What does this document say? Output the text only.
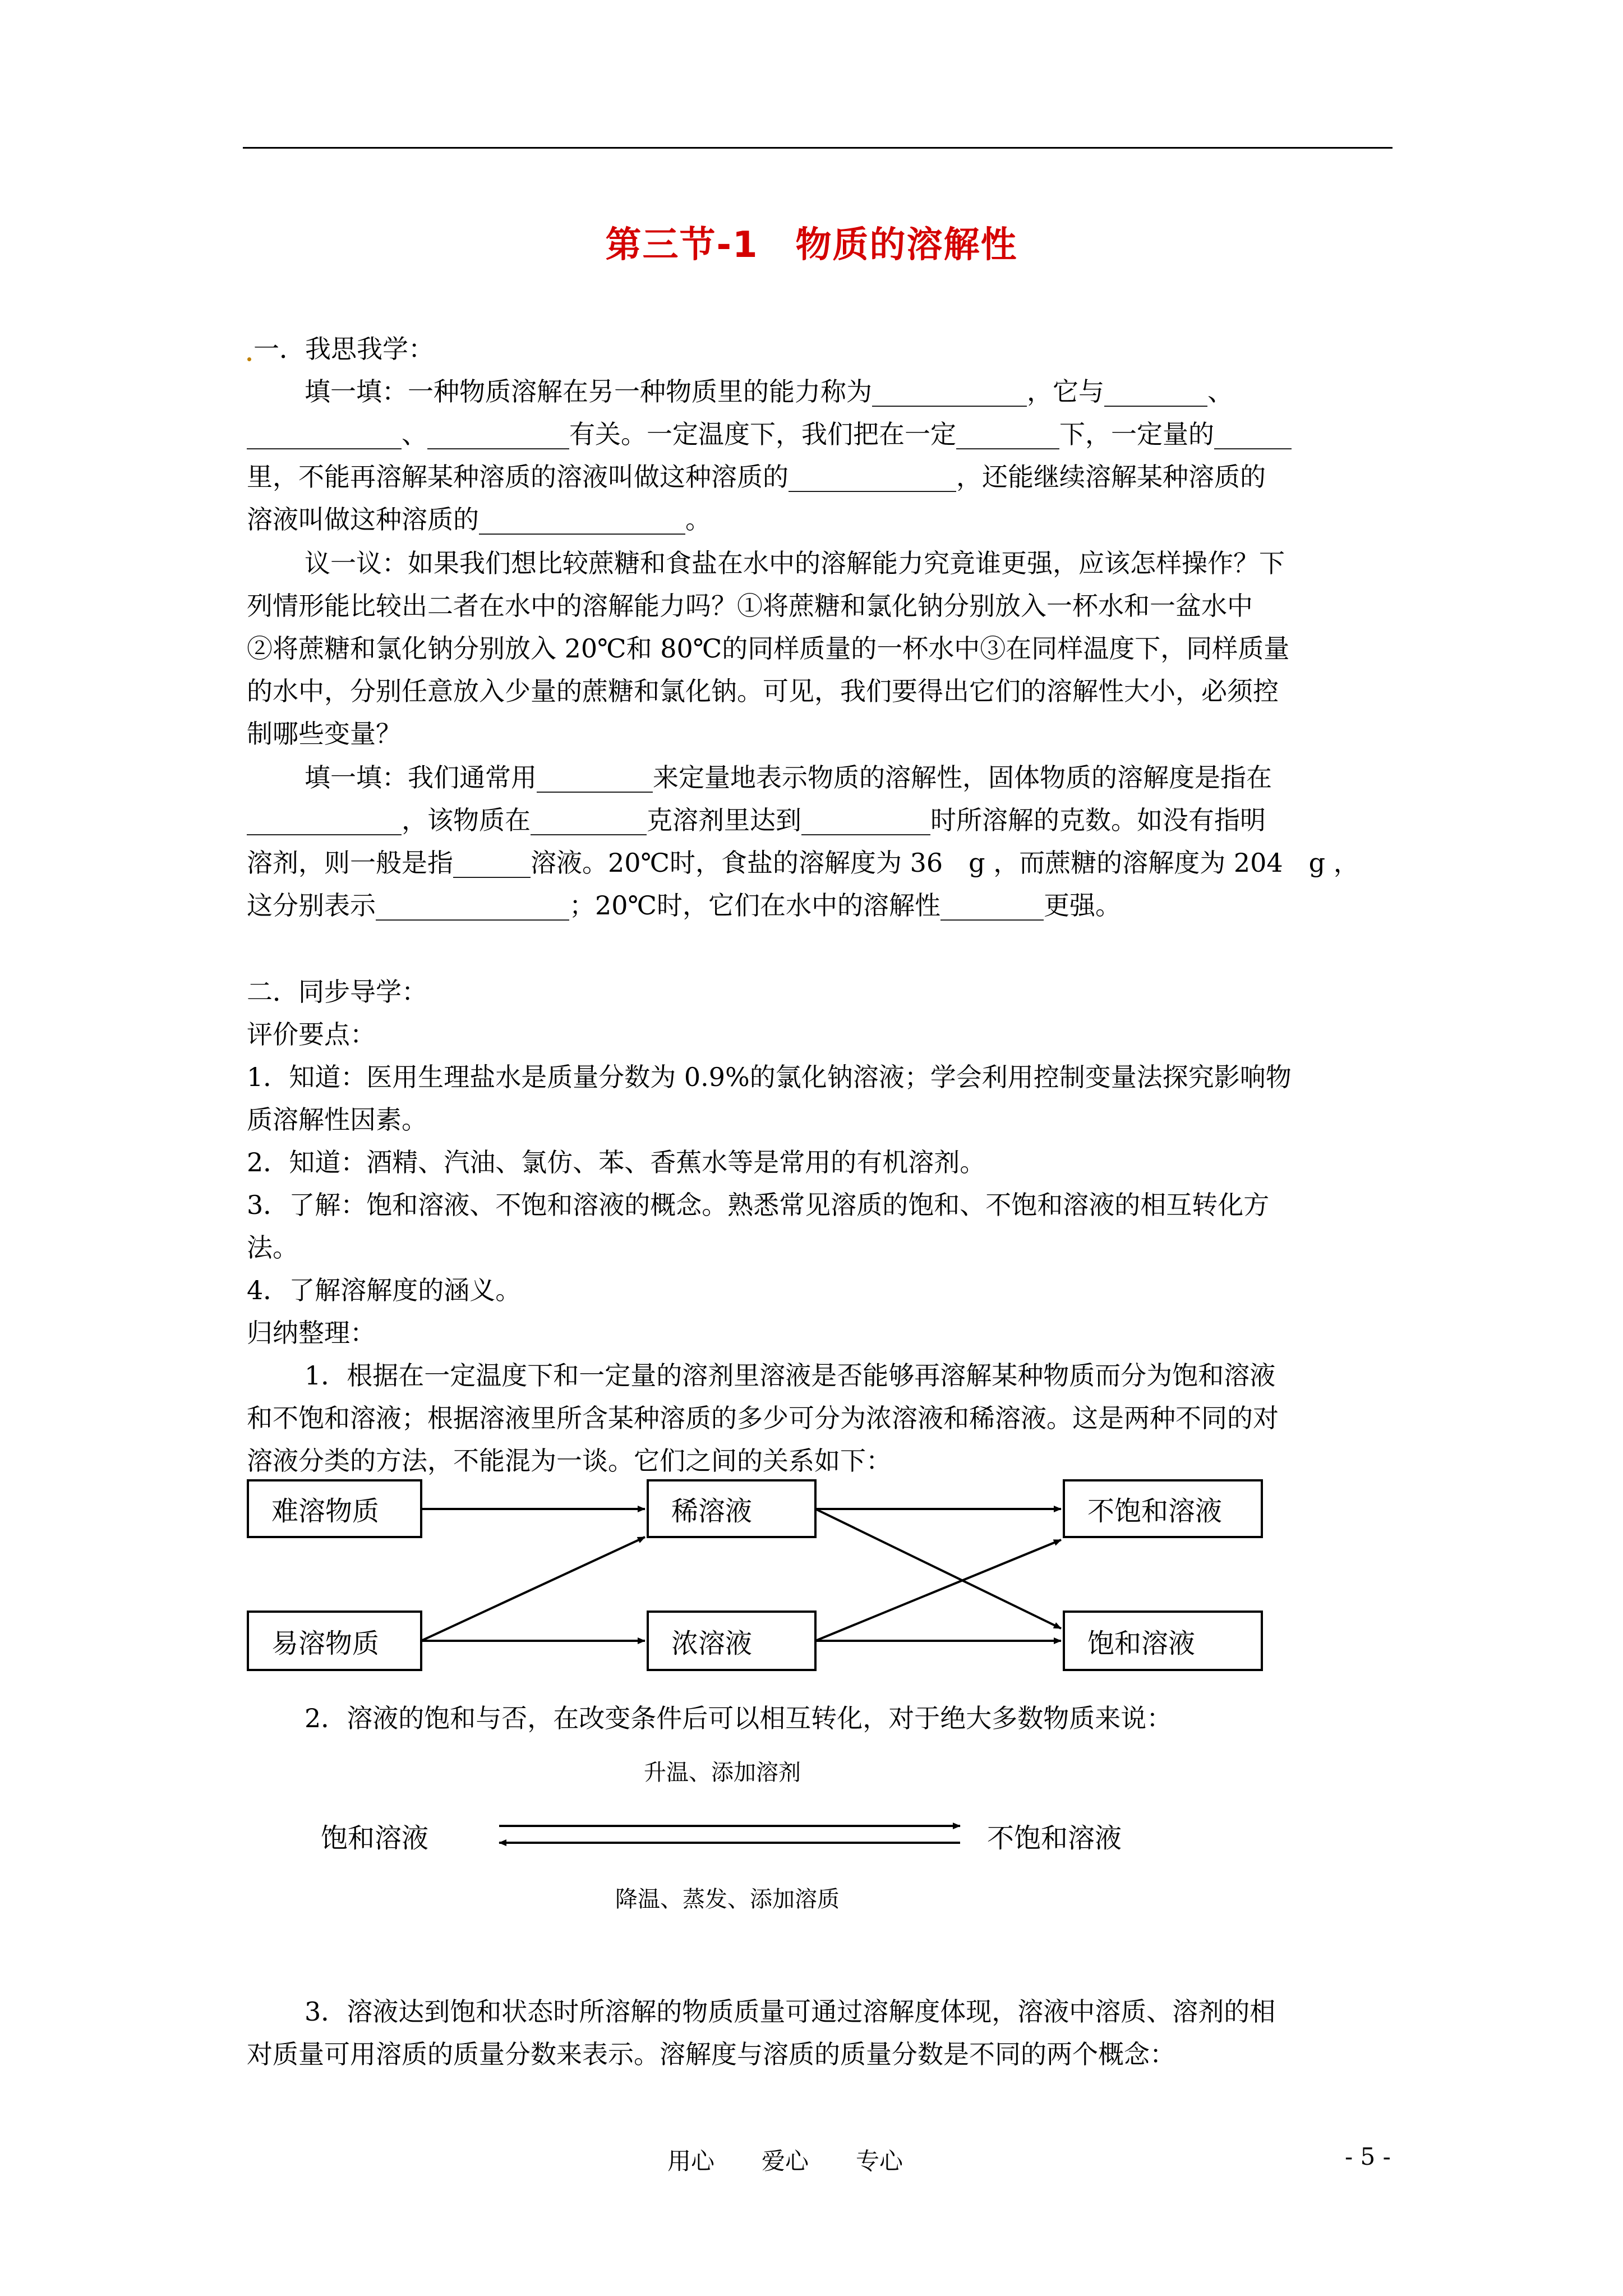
第三节-1　物质的溶解性
一．我思我学：
填一填：一种物质溶解在另一种物质里的能力称为____________，它与________、
____________、___________有关。一定温度下，我们把在一定________下，一定量的______
里，不能再溶解某种溶质的溶液叫做这种溶质的_____________，还能继续溶解某种溶质的
溶液叫做这种溶质的________________。
议一议：如果我们想比较蔗糖和食盐在水中的溶解能力究竟谁更强，应该怎样操作？下
列情形能比较出二者在水中的溶解能力吗？①将蔗糖和氯化钠分别放入一杯水和一盆水中
②将蔗糖和氯化钠分别放入 20℃和 80℃的同样质量的一杯水中③在同样温度下，同样质量
的水中，分别任意放入少量的蔗糖和氯化钠。可见，我们要得出它们的溶解性大小，必须控
制哪些变量？
填一填：我们通常用_________来定量地表示物质的溶解性，固体物质的溶解度是指在
____________，该物质在_________克溶剂里达到__________时所溶解的克数。如没有指明
溶剂，则一般是指______溶液。20℃时，食盐的溶解度为 36　g ，而蔗糖的溶解度为 204　g ，
这分别表示_______________；20℃时，它们在水中的溶解性________更强。
二．同步导学：
评价要点：
1．知道：医用生理盐水是质量分数为 0.9%的氯化钠溶液；学会利用控制变量法探究影响物
质溶解性因素。
2．知道：酒精、汽油、氯仿、苯、香蕉水等是常用的有机溶剂。
3．了解：饱和溶液、不饱和溶液的概念。熟悉常见溶质的饱和、不饱和溶液的相互转化方
法。
4．了解溶解度的涵义。
归纳整理：
1．根据在一定温度下和一定量的溶剂里溶液是否能够再溶解某种物质而分为饱和溶液
和不饱和溶液；根据溶液里所含某种溶质的多少可分为浓溶液和稀溶液。这是两种不同的对
溶液分类的方法，不能混为一谈。它们之间的关系如下：
难溶物质
易溶物质
稀溶液
浓溶液
不饱和溶液
饱和溶液
2．溶液的饱和与否，在改变条件后可以相互转化，对于绝大多数物质来说：
升温、添加溶剂
饱和溶液	不饱和溶液
降温、蒸发、添加溶质
3．溶液达到饱和状态时所溶解的物质质量可通过溶解度体现，溶液中溶质、溶剂的相
对质量可用溶质的质量分数来表示。溶解度与溶质的质量分数是不同的两个概念：
用心　　爱心　　专心	- 5 -
